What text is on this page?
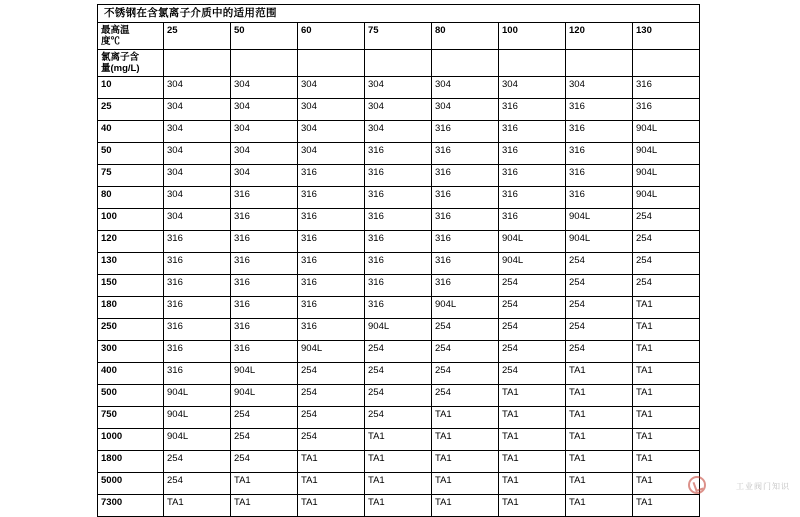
不锈钢在含氯离子介质中的适用范围								
最高温
度℃	25	50	60	75	80	100	120	130
氯离子含
量(mg/L)								
10	304	304	304	304	304	304	304	316
25	304	304	304	304	304	316	316	316
40	304	304	304	304	316	316	316	904L
50	304	304	304	316	316	316	316	904L
75	304	304	316	316	316	316	316	904L
80	304	316	316	316	316	316	316	904L
100	304	316	316	316	316	316	904L	254
120	316	316	316	316	316	904L	904L	254
130	316	316	316	316	316	904L	254	254
150	316	316	316	316	316	254	254	254
180	316	316	316	316	904L	254	254	TA1
250	316	316	316	904L	254	254	254	TA1
300	316	316	904L	254	254	254	254	TA1
400	316	904L	254	254	254	254	TA1	TA1
500	904L	904L	254	254	254	TA1	TA1	TA1
750	904L	254	254	254	TA1	TA1	TA1	TA1
1000	904L	254	254	TA1	TA1	TA1	TA1	TA1
1800	254	254	TA1	TA1	TA1	TA1	TA1	TA1
5000	254	TA1	TA1	TA1	TA1	TA1	TA1	TA1
7300	TA1	TA1	TA1	TA1	TA1	TA1	TA1	TA1
工业阀门知识
